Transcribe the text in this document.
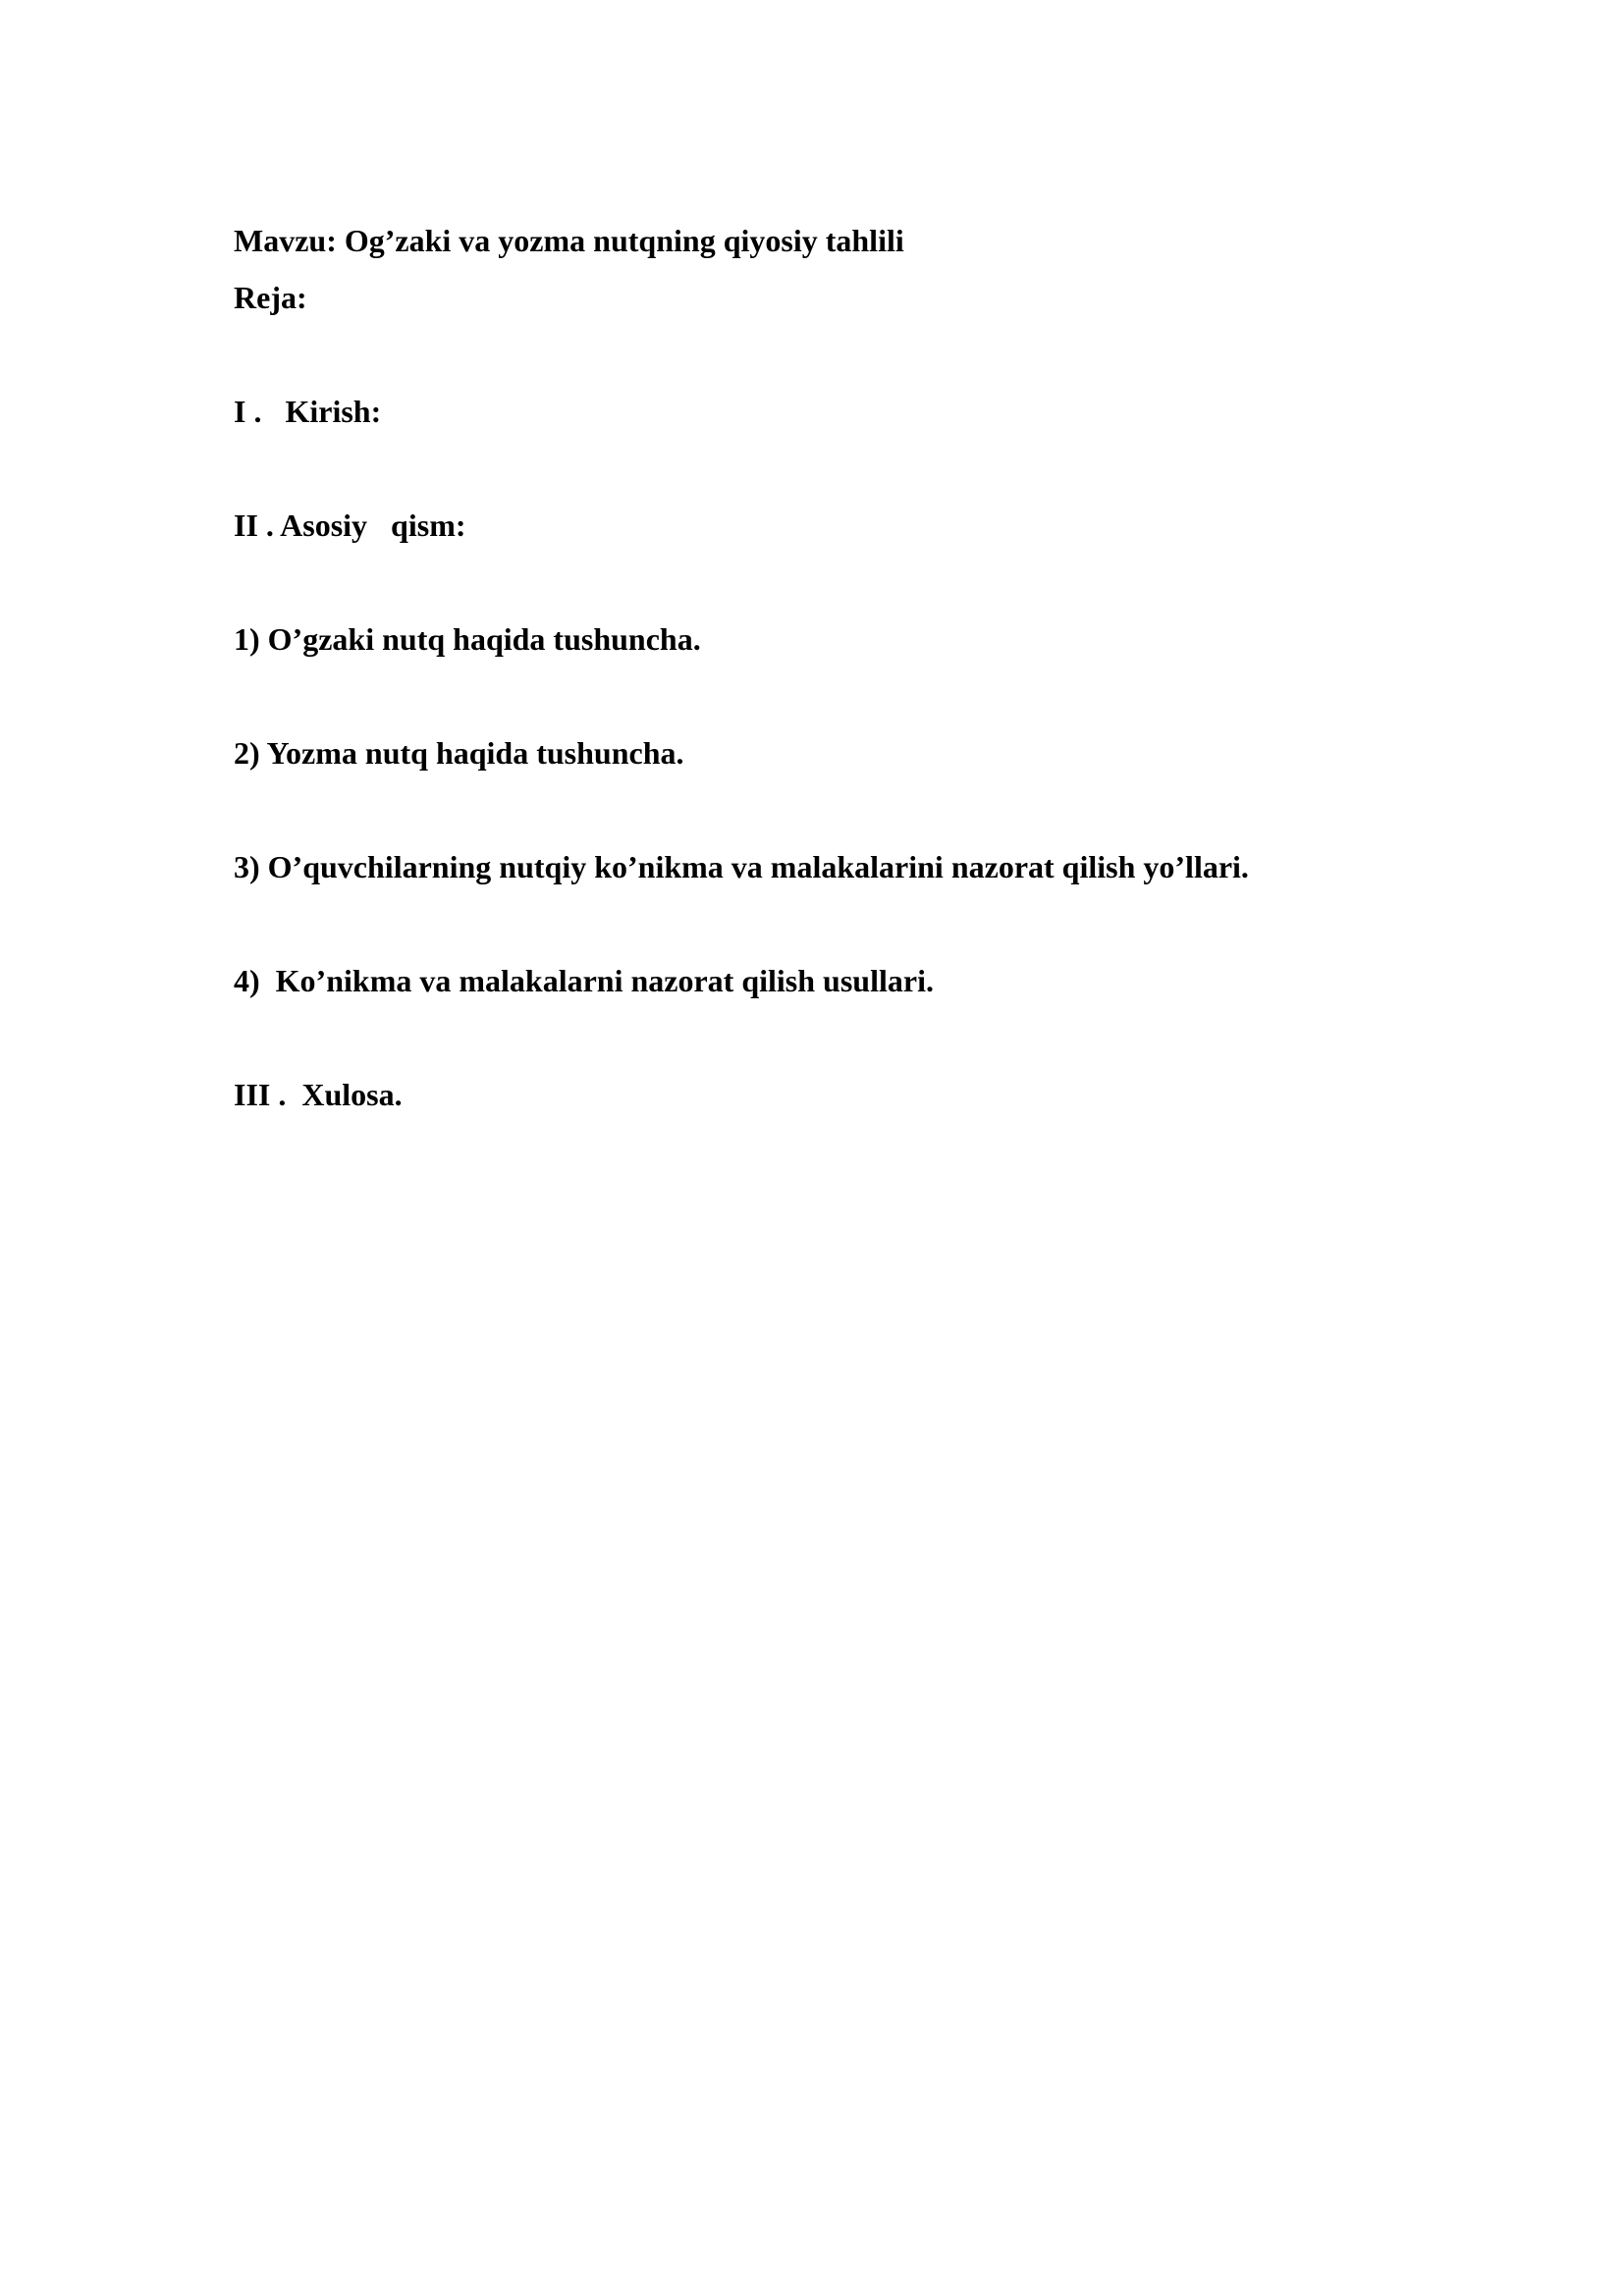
Mavzu: Og’zaki va yozma nutqning qiyosiy tahlili

Reja:

I .   Kirish:

II . Asosiy   qism:

1) O’gzaki nutq haqida tushuncha.

2) Yozma nutq haqida tushuncha.

3) O’quvchilarning nutqiy ko’nikma va malakalarini nazorat qilish yo’llari.

4)  Ko’nikma va malakalarni nazorat qilish usullari.

III .  Xulosa.
